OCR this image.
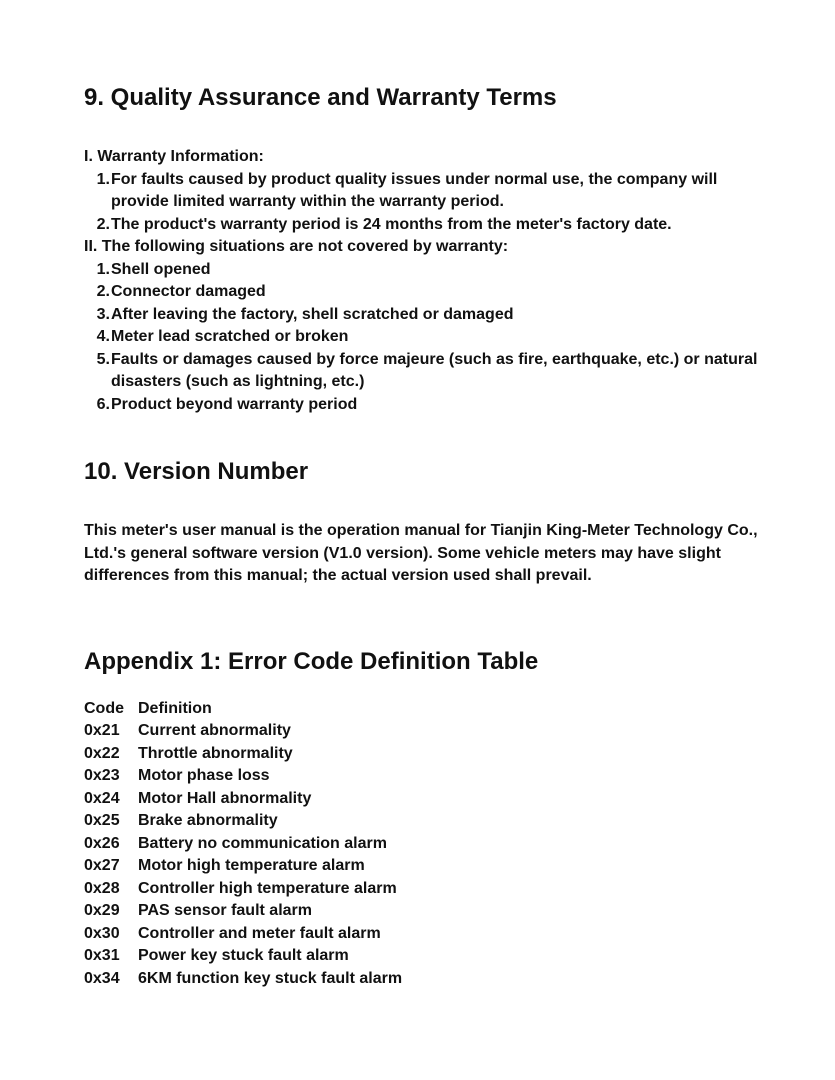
9. Quality Assurance and Warranty Terms
I. Warranty Information:
1. For faults caused by product quality issues under normal use, the company will provide limited warranty within the warranty period.
2. The product's warranty period is 24 months from the meter's factory date.
II. The following situations are not covered by warranty:
1. Shell opened
2. Connector damaged
3. After leaving the factory, shell scratched or damaged
4. Meter lead scratched or broken
5. Faults or damages caused by force majeure (such as fire, earthquake, etc.) or natural disasters (such as lightning, etc.)
6. Product beyond warranty period
10. Version Number

This meter's user manual is the operation manual for Tianjin King-Meter Technology Co., Ltd.'s general software version (V1.0 version). Some vehicle meters may have slight differences from this manual; the actual version used shall prevail.

Appendix 1: Error Code Definition Table
Code	Definition
0x21	Current abnormality
0x22	Throttle abnormality
0x23	Motor phase loss
0x24	Motor Hall abnormality
0x25	Brake abnormality
0x26	Battery no communication alarm
0x27	Motor high temperature alarm
0x28	Controller high temperature alarm
0x29	PAS sensor fault alarm
0x30	Controller and meter fault alarm
0x31	Power key stuck fault alarm
0x34	6KM function key stuck fault alarm
